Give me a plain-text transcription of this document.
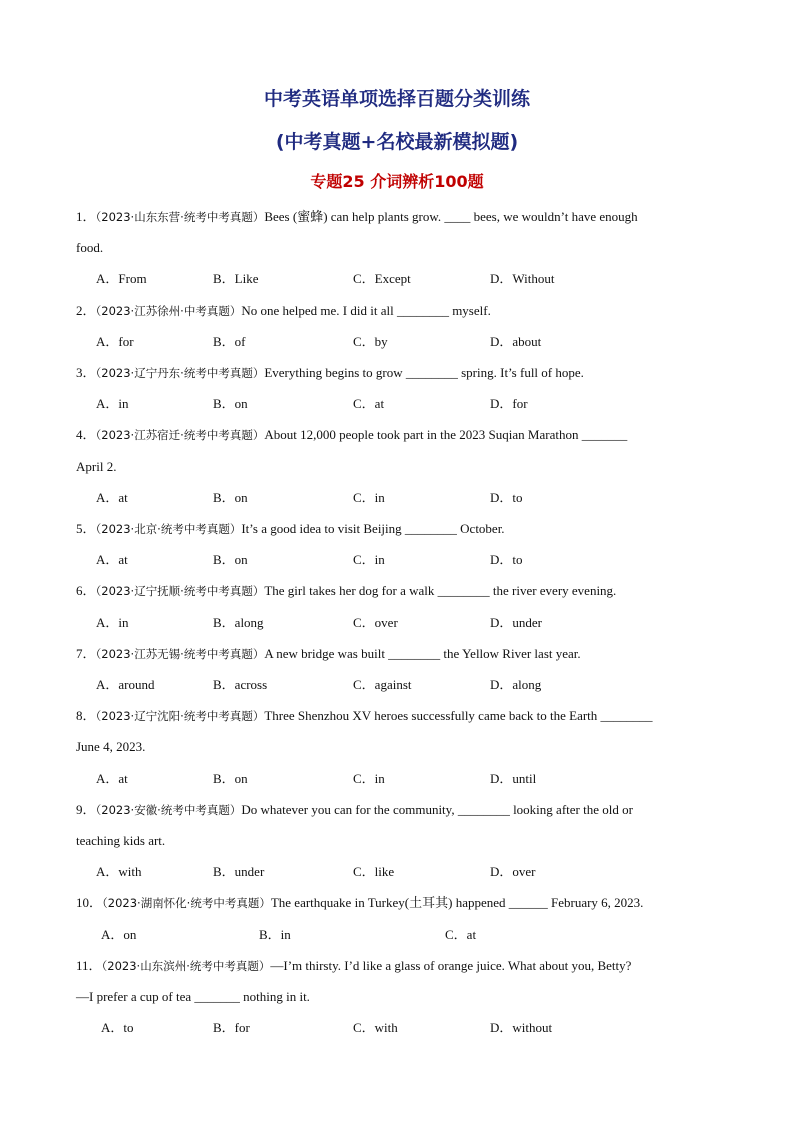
中考英语单项选择百题分类训练
(中考真题+名校最新模拟题)
专题25 介词辨析100题
1．（2023·山东东营·统考中考真题）Bees (蜜蜂) can help plants grow. ____ bees, we wouldn’t have enough
food.
A．From	B．Like	C．Except	D．Without
2．（2023·江苏徐州·中考真题）No one helped me. I did it all ________ myself.
A．for	B．of	C．by	D．about
3．（2023·辽宁丹东·统考中考真题）Everything begins to grow ________ spring. It’s full of hope.
A．in	B．on	C．at	D．for
4．（2023·江苏宿迁·统考中考真题）About 12,000 people took part in the 2023 Suqian Marathon _______
April 2.
A．at	B．on	C．in	D．to
5．（2023·北京·统考中考真题）It’s a good idea to visit Beijing ________ October.
A．at	B．on	C．in	D．to
6．（2023·辽宁抚顺·统考中考真题）The girl takes her dog for a walk ________ the river every evening.
A．in	B．along	C．over	D．under
7．（2023·江苏无锡·统考中考真题）A new bridge was built ________ the Yellow River last year.
A．around	B．across	C．against	D．along
8．（2023·辽宁沈阳·统考中考真题）Three Shenzhou XV heroes successfully came back to the Earth ________
June 4, 2023.
A．at	B．on	C．in	D．until
9．（2023·安徽·统考中考真题）Do whatever you can for the community, ________ looking after the old or
teaching kids art.
A．with	B．under	C．like	D．over
10．（2023·湖南怀化·统考中考真题）The earthquake in Turkey(土耳其) happened ______ February 6, 2023.
A．on	B．in	C．at
11．（2023·山东滨州·统考中考真题）—I’m thirsty. I’d like a glass of orange juice. What about you, Betty?
—I prefer a cup of tea _______ nothing in it.
A．to	B．for	C．with	D．without
